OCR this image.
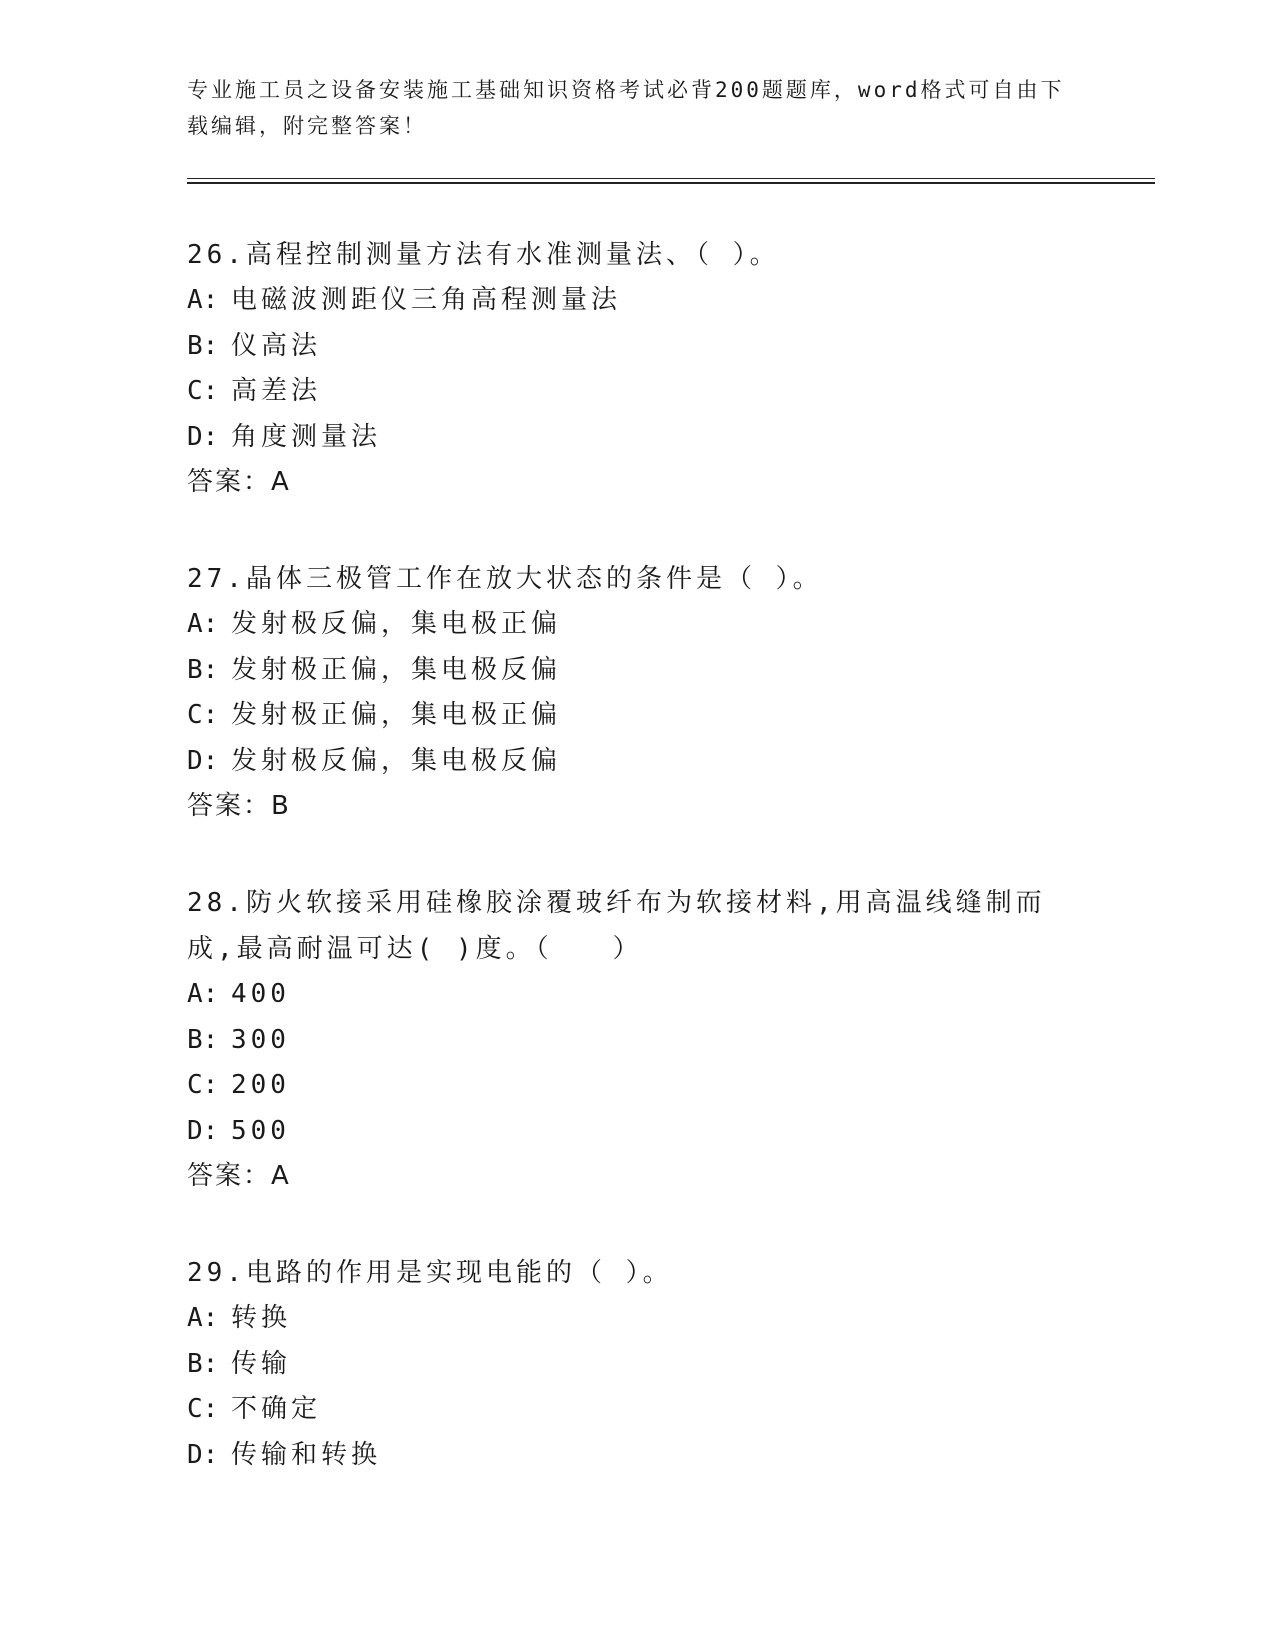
专业施工员之设备安装施工基础知识资格考试必背200题题库，word格式可自由下载编辑，附完整答案！

26.高程控制测量方法有水准测量法、（ ）。

A: 电磁波测距仪三角高程测量法

B: 仪高法

C: 高差法

D: 角度测量法

答案：A

27.晶体三极管工作在放大状态的条件是（ ）。

A: 发射极反偏，集电极正偏

B: 发射极正偏，集电极反偏

C: 发射极正偏，集电极正偏

D: 发射极反偏，集电极反偏

答案：B

28.防火软接采用硅橡胶涂覆玻纤布为软接材料,用高温线缝制而成,最高耐温可达( )度。（　　）

A: 400

B: 300

C: 200

D: 500

答案：A

29.电路的作用是实现电能的（ ）。

A: 转换

B: 传输

C: 不确定

D: 传输和转换
